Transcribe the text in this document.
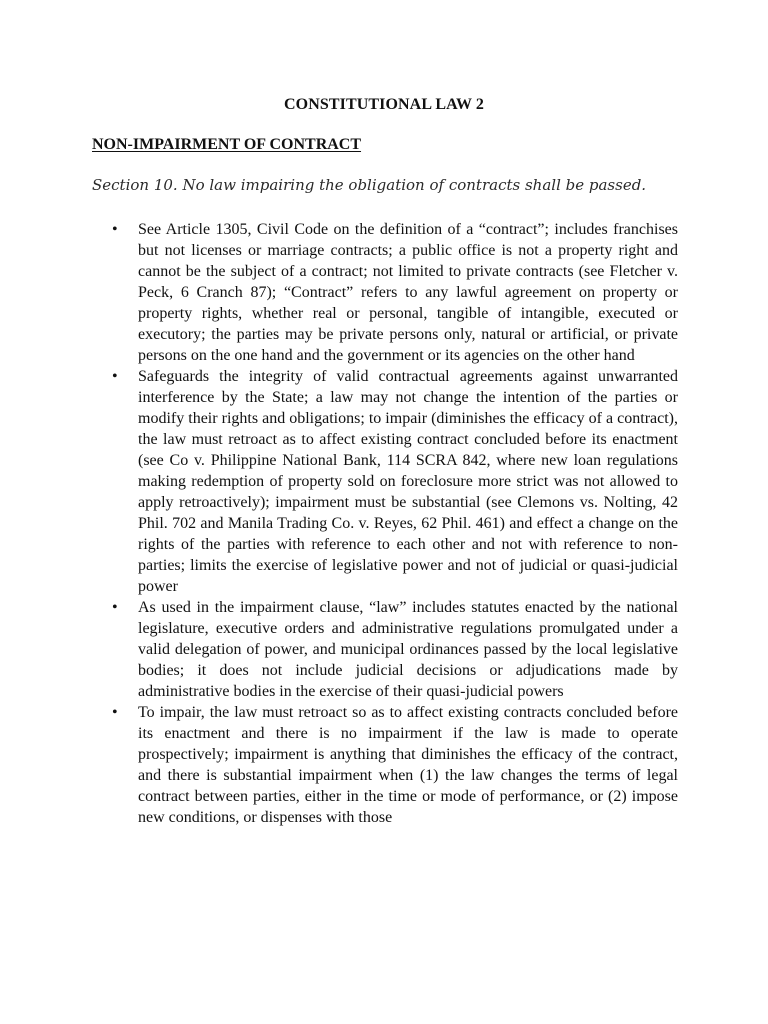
CONSTITUTIONAL LAW 2
NON-IMPAIRMENT OF CONTRACT
Section 10. No law impairing the obligation of contracts shall be passed.
• See Article 1305, Civil Code on the definition of a “contract”; includes franchises but not licenses or marriage contracts; a public office is not a property right and cannot be the subject of a contract; not limited to private contracts (see Fletcher v. Peck, 6 Cranch 87); “Contract” refers to any lawful agreement on property or property rights, whether real or personal, tangible of intangible, executed or executory; the parties may be private persons only, natural or artificial, or private persons on the one hand and the government or its agencies on the other hand
• Safeguards the integrity of valid contractual agreements against unwarranted interference by the State; a law may not change the intention of the parties or modify their rights and obligations; to impair (diminishes the efficacy of a contract), the law must retroact as to affect existing contract concluded before its enactment (see Co v. Philippine National Bank, 114 SCRA 842, where new loan regulations making redemption of property sold on foreclosure more strict was not allowed to apply retroactively); impairment must be substantial (see Clemons vs. Nolting, 42 Phil. 702 and Manila Trading Co. v. Reyes, 62 Phil. 461) and effect a change on the rights of the parties with reference to each other and not with reference to non-parties; limits the exercise of legislative power and not of judicial or quasi-judicial power
• As used in the impairment clause, “law” includes statutes enacted by the national legislature, executive orders and administrative regulations promulgated under a valid delegation of power, and municipal ordinances passed by the local legislative bodies; it does not include judicial decisions or adjudications made by administrative bodies in the exercise of their quasi-judicial powers
• To impair, the law must retroact so as to affect existing contracts concluded before its enactment and there is no impairment if the law is made to operate prospectively; impairment is anything that diminishes the efficacy of the contract, and there is substantial impairment when (1) the law changes the terms of legal contract between parties, either in the time or mode of performance, or (2) impose new conditions, or dispenses with those
